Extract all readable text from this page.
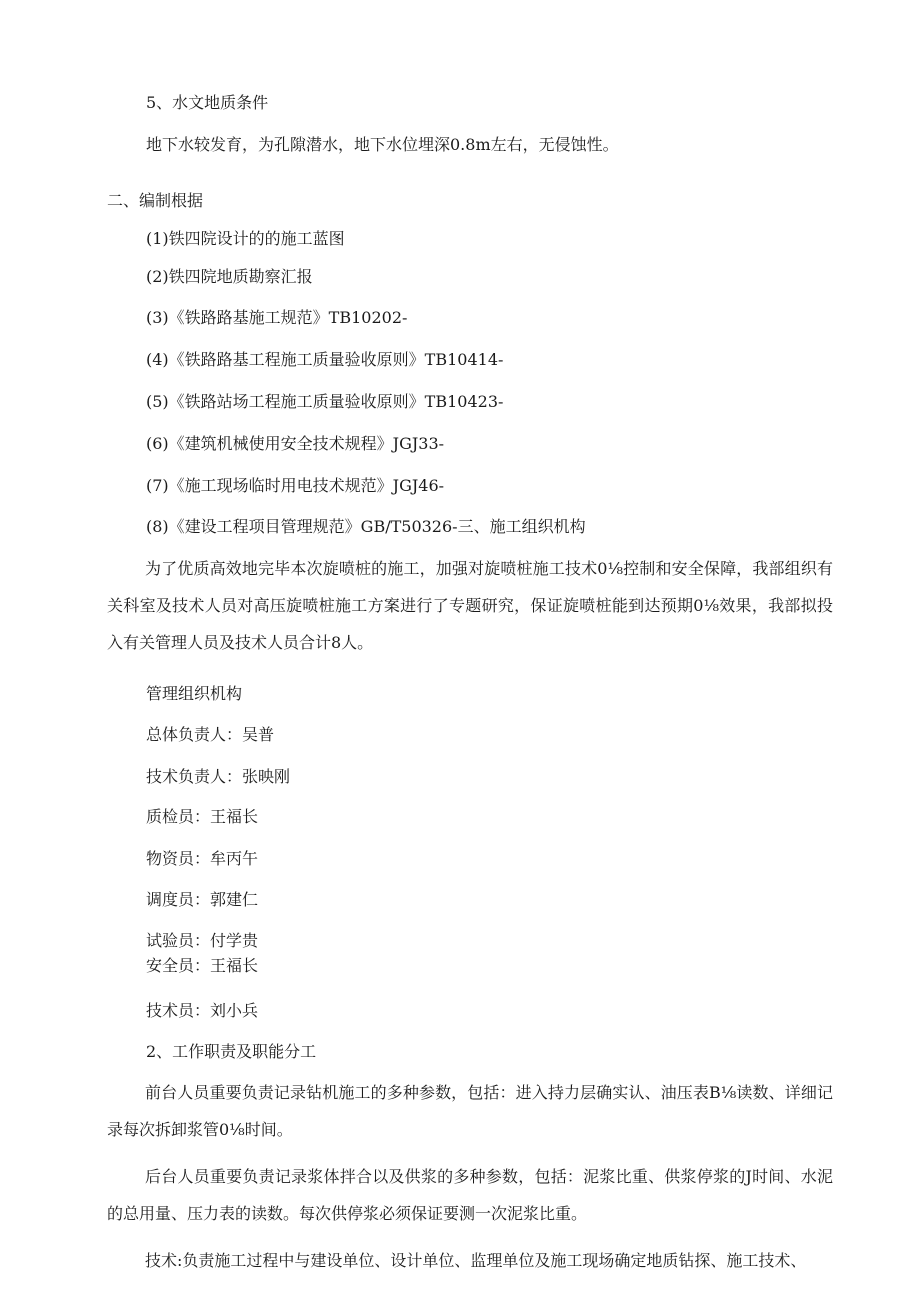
5、水文地质条件
地下水较发育，为孔隙潜水，地下水位埋深0.8m左右，无侵蚀性。
二、编制根据
(1)铁四院设计的的施工蓝图
(2)铁四院地质勘察汇报
(3)《铁路路基施工规范》TB10202-
(4)《铁路路基工程施工质量验收原则》TB10414-
(5)《铁路站场工程施工质量验收原则》TB10423-
(6)《建筑机械使用安全技术规程》JGJ33-
(7)《施工现场临时用电技术规范》JGJ46-
(8)《建设工程项目管理规范》GB/T50326-三、施工组织机构

为了优质高效地完毕本次旋喷桩的施工，加强对旋喷桩施工技术0⅛控制和安全保障，我部组织有关科室及技术人员对高压旋喷桩施工方案进行了专题研究，保证旋喷桩能到达预期0⅛效果，我部拟投入有关管理人员及技术人员合计8人。

管理组织机构
总体负责人：吴普
技术负责人：张映刚
质检员：王福长
物资员：牟丙午
调度员：郭建仁
试验员：付学贵
安全员：王福长
技术员：刘小兵
2、工作职责及职能分工

前台人员重要负责记录钻机施工的多种参数，包括：进入持力层确实认、油压表B⅛读数、详细记录每次拆卸浆管0⅛时间。

后台人员重要负责记录浆体拌合以及供浆的多种参数，包括：泥浆比重、供浆停浆的J时间、水泥的总用量、压力表的读数。每次供停浆必须保证要测一次泥浆比重。

技术:负责施工过程中与建设单位、设计单位、监理单位及施工现场确定地质钻探、施工技术、
